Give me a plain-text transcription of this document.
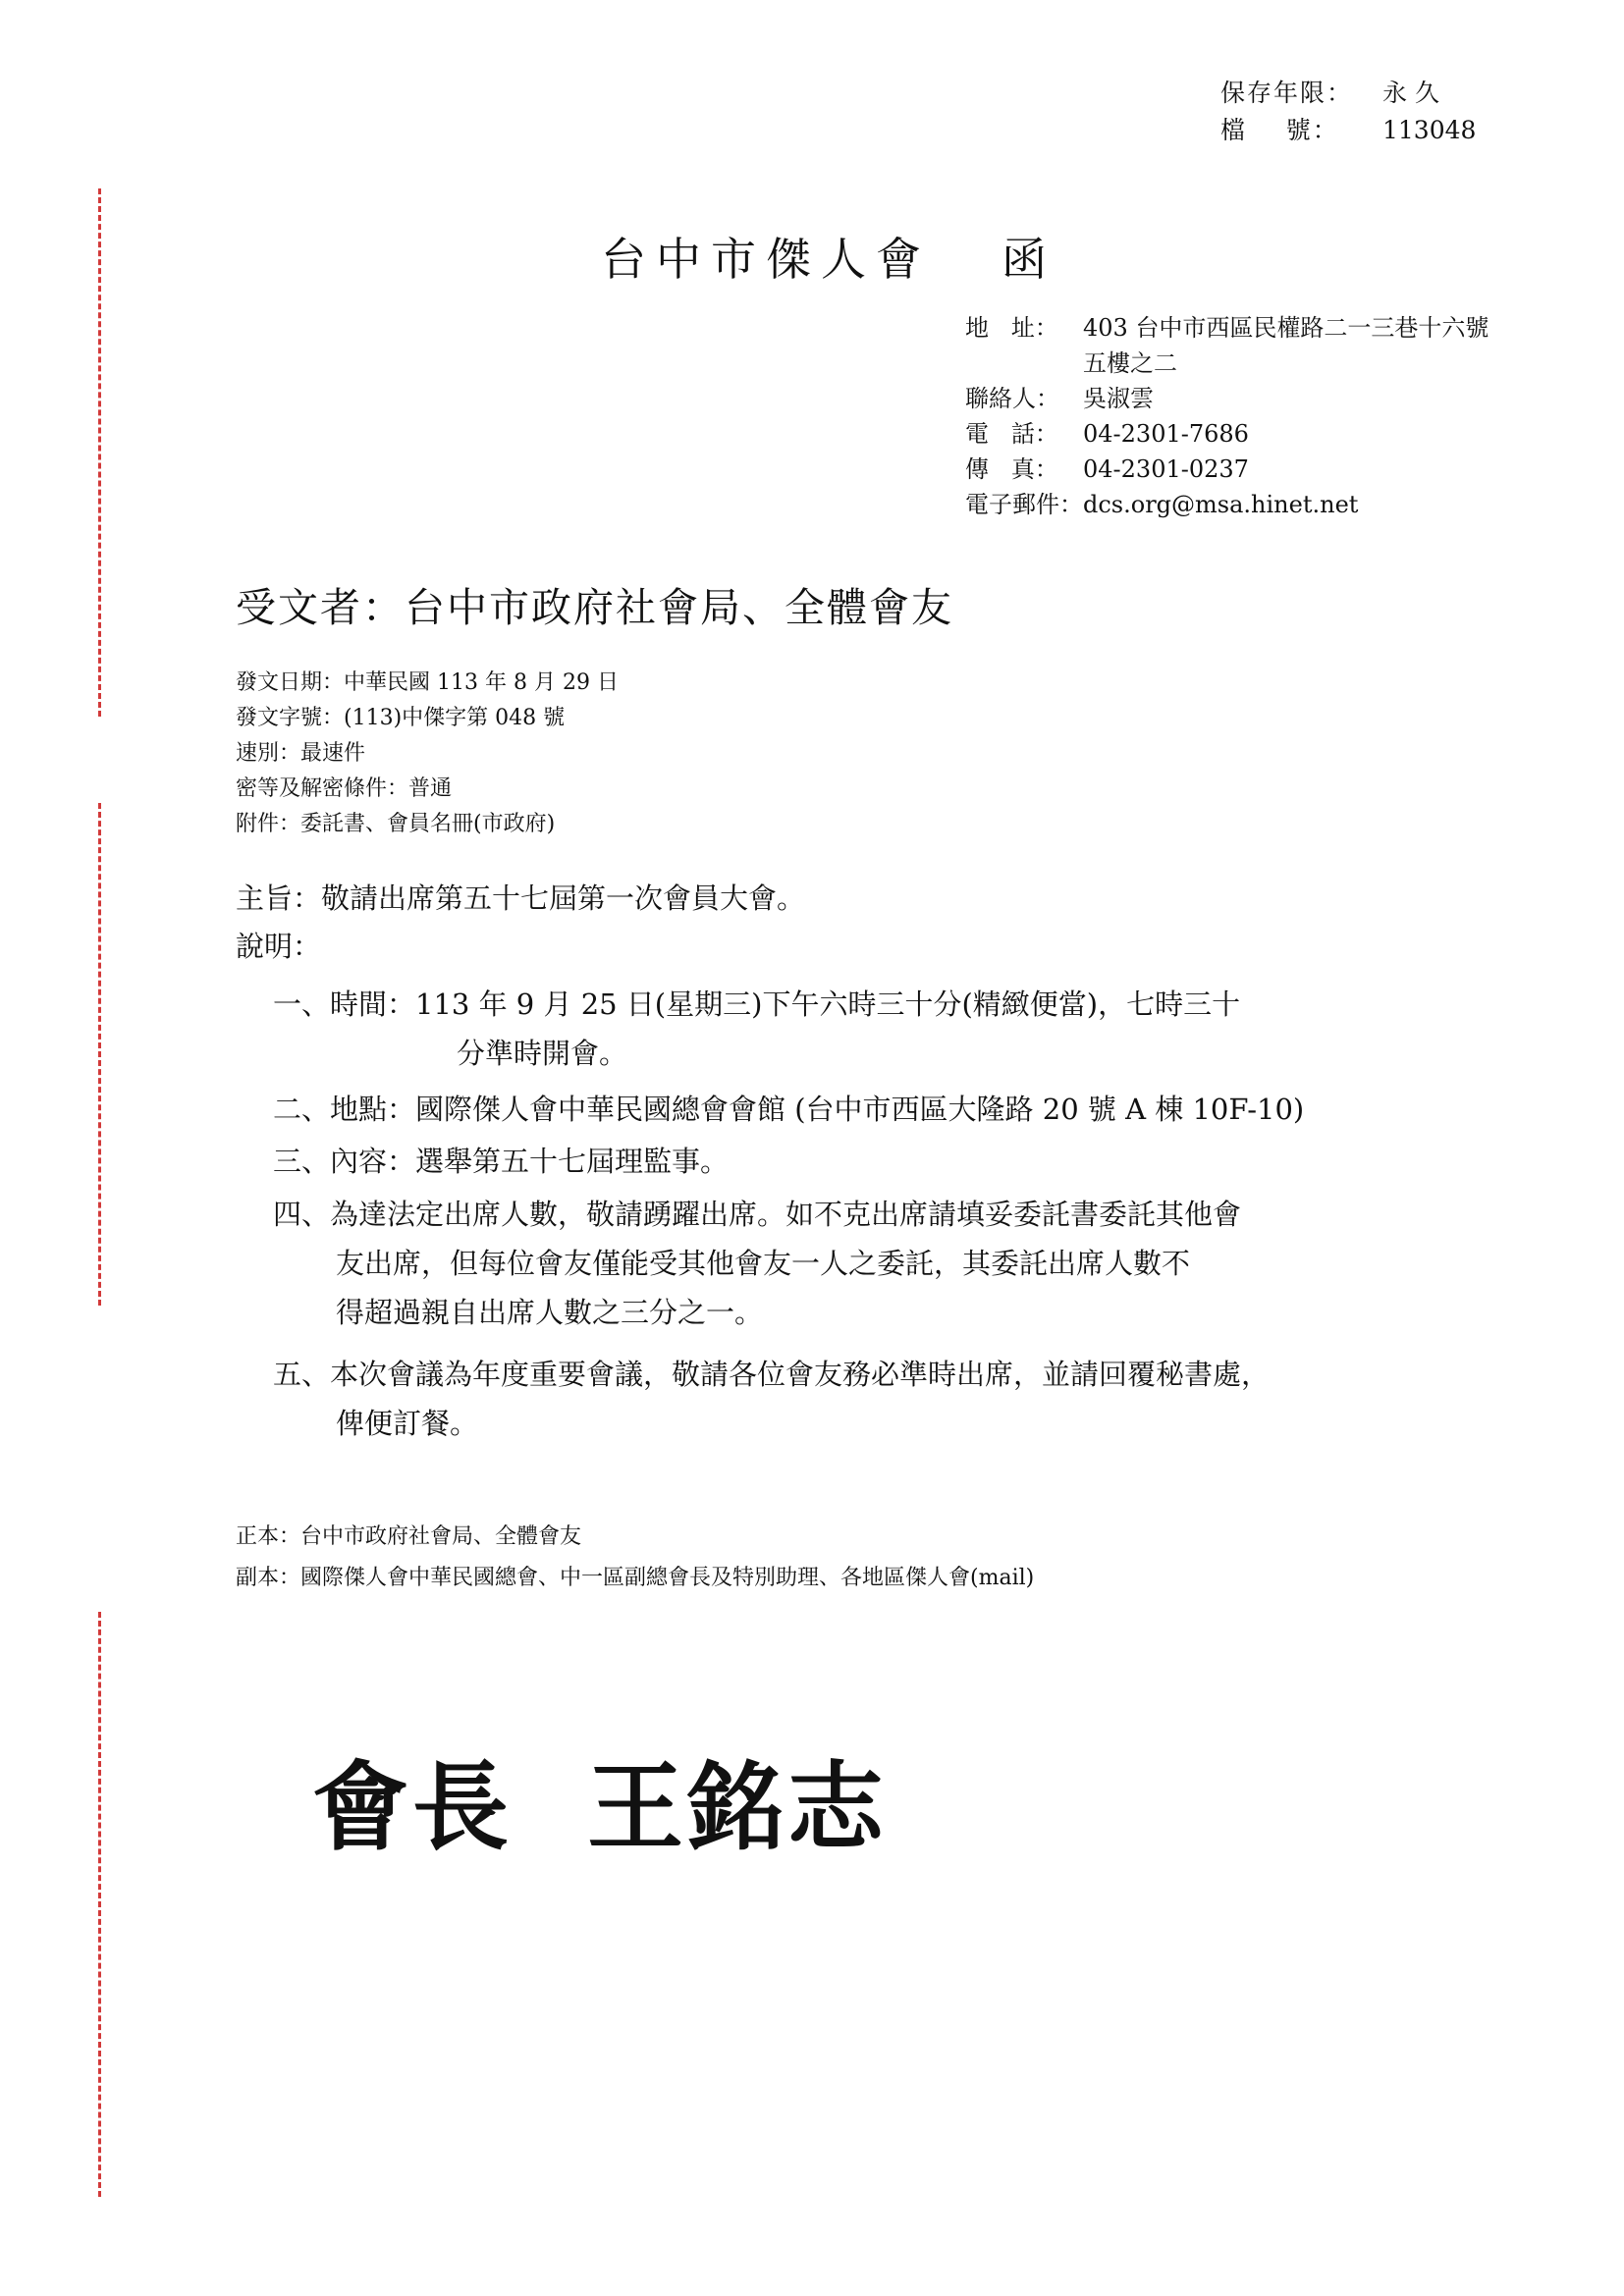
保存年限：	永 久
檔    號：	113048
台中市傑人會 函
地   址：	403 台中市西區民權路二一三巷十六號
五樓之二
聯絡人：	吳淑雲
電   話：	04-2301-7686
傳   真：	04-2301-0237
電子郵件： dcs.org@msa.hinet.net
受文者：台中市政府社會局、全體會友
發文日期：中華民國 113 年 8 月 29 日
發文字號：(113)中傑字第 048 號
速別：最速件
密等及解密條件：普通
附件：委託書、會員名冊(市政府)
主旨：敬請出席第五十七屆第一次會員大會。
說明：
一、時間：113 年 9 月 25 日(星期三)下午六時三十分(精緻便當)，七時三十
分準時開會。
二、地點：國際傑人會中華民國總會會館 (台中市西區大隆路 20 號 A 棟 10F-10)
三、內容：選舉第五十七屆理監事。
四、為達法定出席人數，敬請踴躍出席。如不克出席請填妥委託書委託其他會
友出席，但每位會友僅能受其他會友一人之委託，其委託出席人數不
得超過親自出席人數之三分之一。
五、本次會議為年度重要會議，敬請各位會友務必準時出席，並請回覆秘書處，
俾便訂餐。
正本：台中市政府社會局、全體會友
副本：國際傑人會中華民國總會、中一區副總會長及特別助理、各地區傑人會(mail)
會長 王銘志
